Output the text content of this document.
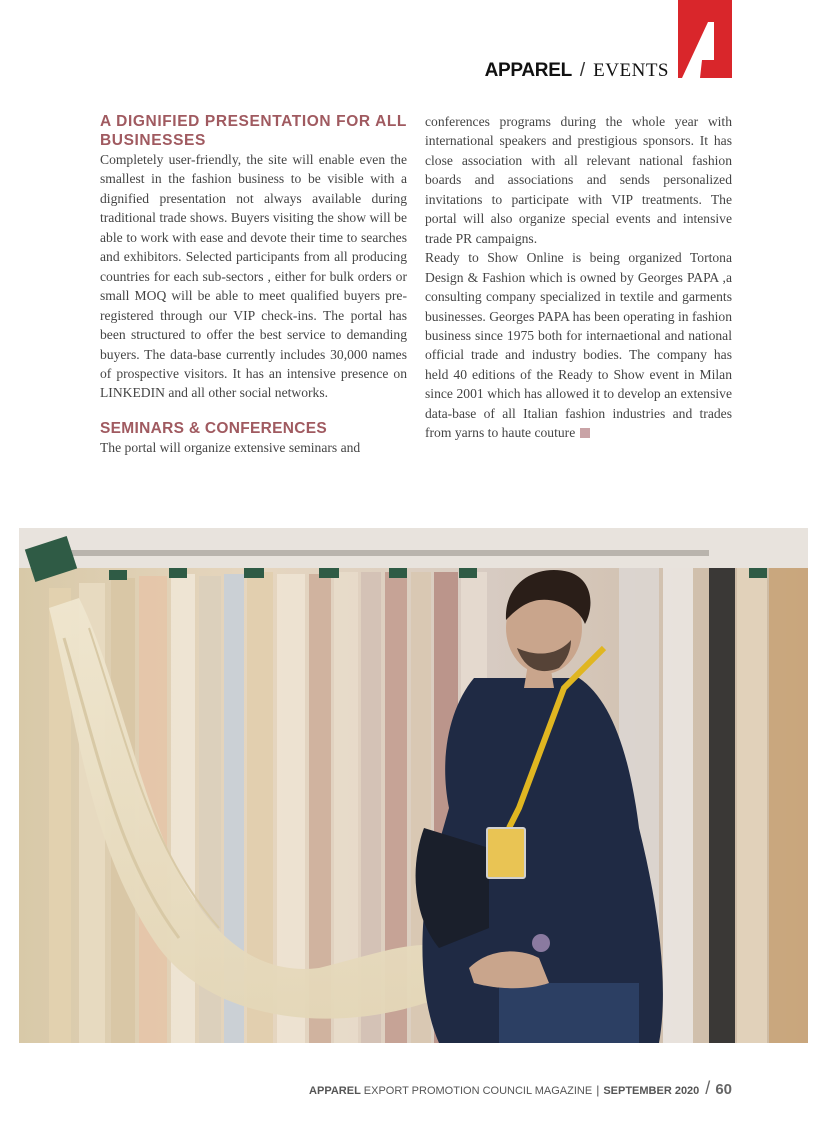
APPAREL / EVENTS
A DIGNIFIED PRESENTATION FOR ALL BUSINESSES

Completely user-friendly, the site will enable even the smallest in the fashion business to be visible with a dignified presentation not always available during traditional trade shows. Buyers visiting the show will be able to work with ease and devote their time to searches and exhibitors. Selected participants from all producing countries for each sub-sectors , either for bulk orders or small MOQ will be able to meet qualified buyers pre-registered through our VIP check-ins. The portal has been structured to offer the best service to demanding buyers. The data-base currently includes 30,000 names of prospective visitors. It has an intensive presence on LINKEDIN and all other social networks.

SEMINARS & CONFERENCES

The portal will organize extensive seminars and

conferences programs during the whole year with international speakers and prestigious sponsors. It has close association with all relevant national fashion boards and associations and sends personalized invitations to participate with VIP treatments. The portal will also organize special events and intensive trade PR campaigns.

Ready to Show Online is being organized Tortona Design & Fashion which is owned by Georges PAPA ,a consulting company specialized in textile and garments businesses. Georges PAPA has been operating in fashion business since 1975 both for internaetional and national official trade and industry bodies. The company has held 40 editions of the Ready to Show event in Milan since 2001 which has allowed it to develop an extensive data-base of all Italian fashion industries and trades from yarns to haute couture

APPAREL EXPORT PROMOTION COUNCIL MAGAZINE | SEPTEMBER 2020 / 60
